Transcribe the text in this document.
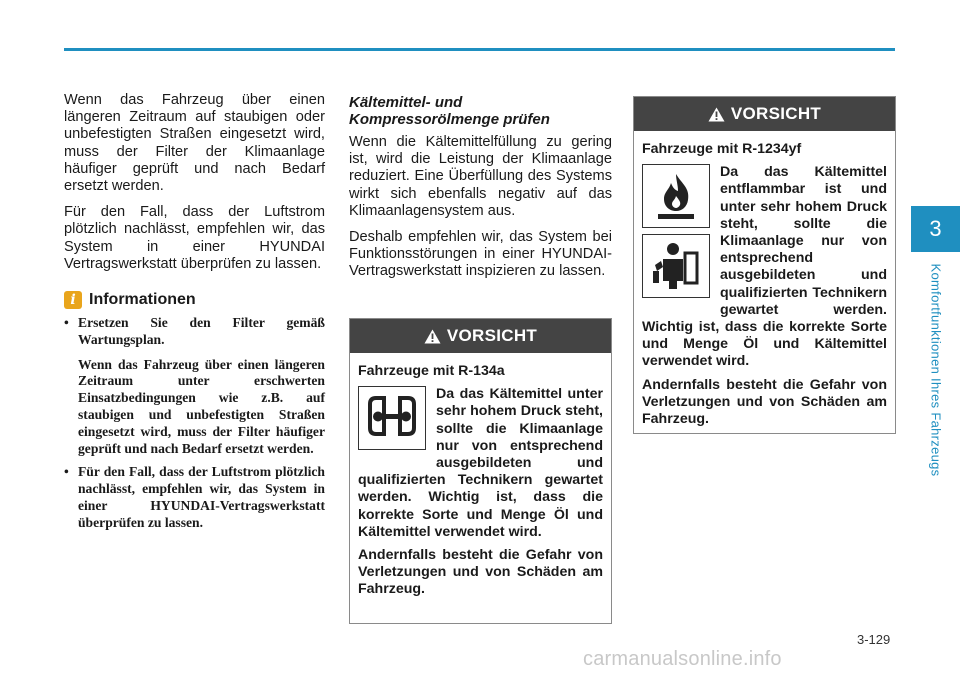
3
Komfortfunktionen Ihres Fahrzeugs

Wenn das Fahrzeug über einen längeren Zeitraum auf staubigen oder unbefestigten Straßen eingesetzt wird, muss der Filter der Klimaanlage häufiger geprüft und nach Bedarf ersetzt werden.

Für den Fall, dass der Luftstrom plötzlich nachlässt, empfehlen wir, das System in einer HYUNDAI Vertragswerkstatt überprüfen zu lassen.

i Informationen
• Ersetzen Sie den Filter gemäß Wartungsplan.
Wenn das Fahrzeug über einen längeren Zeitraum unter erschwerten Einsatzbedingungen wie z.B. auf staubigen und unbefestigten Straßen eingesetzt wird, muss der Filter häufiger geprüft und nach Bedarf ersetzt werden.
• Für den Fall, dass der Luftstrom plötzlich nachlässt, empfehlen wir, das System in einer HYUNDAI-Vertragswerkstatt überprüfen zu lassen.
Kältemittel- und Kompressorölmenge prüfen

Wenn die Kältemittelfüllung zu gering ist, wird die Leistung der Klimaanlage reduziert. Eine Überfüllung des Systems wirkt sich ebenfalls negativ auf das Klimaanlagensystem aus.

Deshalb empfehlen wir, das System bei Funktionsstörungen in einer HYUNDAI-Vertragswerkstatt inspizieren zu lassen.

VORSICHT

Fahrzeuge mit R-134a

Da das Kältemittel unter sehr hohem Druck steht, sollte die Klimaanlage nur von entsprechend ausgebildeten und qualifizierten Technikern gewartet werden. Wichtig ist, dass die korrekte Sorte und Menge Öl und Kältemittel verwendet wird.

Andernfalls besteht die Gefahr von Verletzungen und von Schäden am Fahrzeug.

VORSICHT

Fahrzeuge mit R-1234yf

Da das Kältemittel entflammbar ist und unter sehr hohem Druck steht, sollte die Klimaanlage nur von entsprechend ausgebildeten und qualifizierten Technikern gewartet werden. Wichtig ist, dass die korrekte Sorte und Menge Öl und Kältemittel verwendet wird.

Andernfalls besteht die Gefahr von Verletzungen und von Schäden am Fahrzeug.

3-129
carmanualsonline.info
